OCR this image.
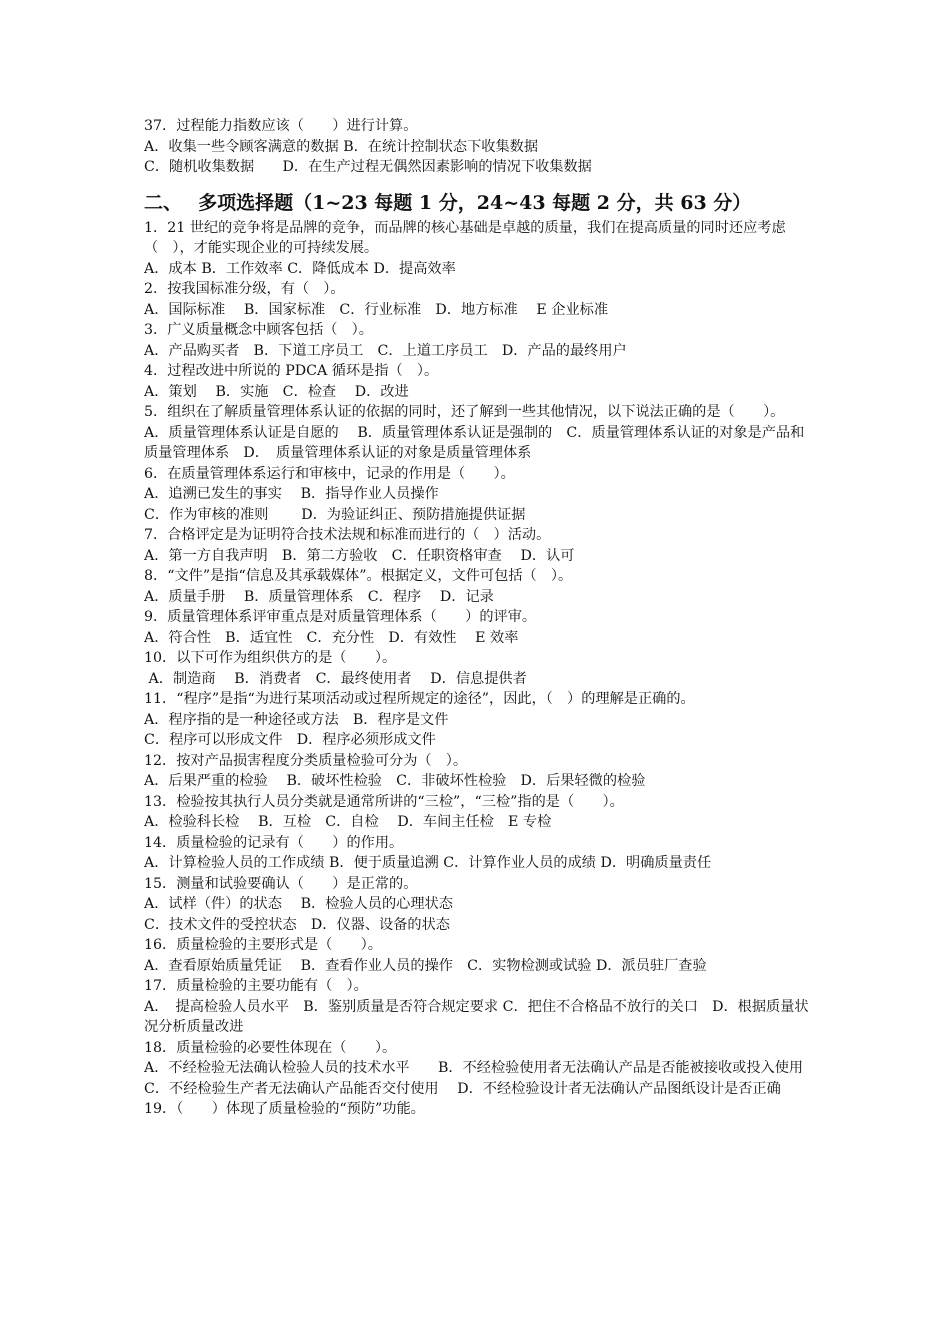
37．过程能力指数应该（　　）进行计算。

A．收集一些令顾客满意的数据 B．在统计控制状态下收集数据

C．随机收集数据　　D．在生产过程无偶然因素影响的情况下收集数据

二、　 多项选择题（1~23 每题 1 分，24~43 每题 2 分，共 63 分）

1．21 世纪的竞争将是品牌的竞争，而品牌的核心基础是卓越的质量，我们在提高质量的同时还应考虑（　），才能实现企业的可持续发展。

A．成本 B．工作效率 C．降低成本 D．提高效率

2．按我国标准分级，有（　）。

A．国际标准　 B．国家标准　C．行业标准　D．地方标准　 E 企业标准

3．广义质量概念中顾客包括（　）。

A．产品购买者　B．下道工序员工　C．上道工序员工　D．产品的最终用户

4．过程改进中所说的 PDCA 循环是指（　）。

A．策划　 B．实施　C．检查　 D．改进

5．组织在了解质量管理体系认证的依据的同时，还了解到一些其他情况，以下说法正确的是（　　）。

A．质量管理体系认证是自愿的　 B．质量管理体系认证是强制的　C．质量管理体系认证的对象是产品和质量管理体系　D．　质量管理体系认证的对象是质量管理体系

6．在质量管理体系运行和审核中，记录的作用是（　　）。

A．追溯已发生的事实　 B．指导作业人员操作

C．作为审核的准则　　 D．为验证纠正、预防措施提供证据

7．合格评定是为证明符合技术法规和标准而进行的（　）活动。

A．第一方自我声明　B．第二方验收　C．任职资格审查　 D．认可

8．“文件”是指“信息及其承载媒体”。根据定义，文件可包括（　）。

A．质量手册　 B．质量管理体系　C．程序　 D．记录

9．质量管理体系评审重点是对质量管理体系（　　）的评审。

A．符合性　B．适宜性　C．充分性　D．有效性　 E 效率

10．以下可作为组织供方的是（　　）。

A．制造商　 B．消费者　C．最终使用者　 D．信息提供者

11．“程序”是指“为进行某项活动或过程所规定的途径”，因此，（　）的理解是正确的。

A．程序指的是一种途径或方法　B．程序是文件

C．程序可以形成文件　D．程序必须形成文件

12．按对产品损害程度分类质量检验可分为（　）。

A．后果严重的检验　 B．破坏性检验　C．非破坏性检验　D．后果轻微的检验

13．检验按其执行人员分类就是通常所讲的“三检”，“三检”指的是（　　）。

A．检验科长检　 B．互检　C．自检　 D．车间主任检　E 专检

14．质量检验的记录有（　　）的作用。

A．计算检验人员的工作成绩 B．便于质量追溯 C．计算作业人员的成绩 D．明确质量责任

15．测量和试验要确认（　　）是正常的。

A．试样（件）的状态　 B．检验人员的心理状态

C．技术文件的受控状态　D．仪器、设备的状态

16．质量检验的主要形式是（　　）。

A．查看原始质量凭证　 B．查看作业人员的操作　C．实物检测或试验 D．派员驻厂查验

17．质量检验的主要功能有（　）。

A．　提高检验人员水平　B．鉴别质量是否符合规定要求 C．把住不合格品不放行的关口　D．根据质量状况分析质量改进

18．质量检验的必要性体现在（　　）。

A．不经检验无法确认检验人员的技术水平　　B．不经检验使用者无法确认产品是否能被接收或投入使用 C．不经检验生产者无法确认产品能否交付使用　 D．不经检验设计者无法确认产品图纸设计是否正确

19．（　　）体现了质量检验的“预防”功能。
